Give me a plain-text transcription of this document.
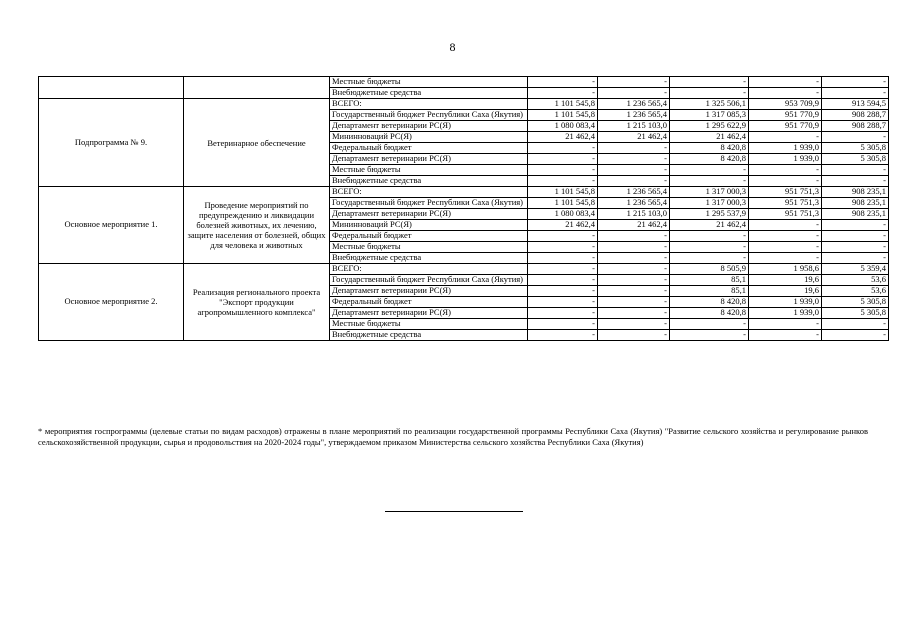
8
		Местные бюджеты	-	-	-	-	-
		Внебюджетные средства	-	-	-	-	-
Подпрограмма № 9.	Ветеринарное обеспечение	ВСЕГО:	1 101 545,8	1 236 565,4	1 325 506,1	953 709,9	913 594,5
		Государственный бюджет Республики Саха (Якутия)	1 101 545,8	1 236 565,4	1 317 085,3	951 770,9	908 288,7
		Департамент ветеринарии РС(Я)	1 080 083,4	1 215 103,0	1 295 622,9	951 770,9	908 288,7
		Мининноваций РС(Я)	21 462,4	21 462,4	21 462,4	-	-
		Федеральный бюджет	-	-	8 420,8	1 939,0	5 305,8
		Департамент ветеринарии РС(Я)	-	-	8 420,8	1 939,0	5 305,8
		Местные бюджеты	-	-	-	-	-
		Внебюджетные средства	-	-	-	-	-
Основное мероприятие 1.	Проведение мероприятий по предупреждению и ликвидации болезней животных, их лечению, защите населения от болезней, общих для человека и животных	ВСЕГО:	1 101 545,8	1 236 565,4	1 317 000,3	951 751,3	908 235,1
		Государственный бюджет Республики Саха (Якутия)	1 101 545,8	1 236 565,4	1 317 000,3	951 751,3	908 235,1
		Департамент ветеринарии РС(Я)	1 080 083,4	1 215 103,0	1 295 537,9	951 751,3	908 235,1
		Мининноваций РС(Я)	21 462,4	21 462,4	21 462,4	-	-
		Федеральный бюджет	-	-	-	-	-
		Местные бюджеты	-	-	-	-	-
		Внебюджетные средства	-	-	-	-	-
Основное мероприятие 2.	Реализация регионального проекта "Экспорт продукции агропромышленного комплекса"	ВСЕГО:	-	-	8 505,9	1 958,6	5 359,4
		Государственный бюджет Республики Саха (Якутия)	-	-	85,1	19,6	53,6
		Департамент ветеринарии РС(Я)	-	-	85,1	19,6	53,6
		Федеральный бюджет	-	-	8 420,8	1 939,0	5 305,8
		Департамент ветеринарии РС(Я)	-	-	8 420,8	1 939,0	5 305,8
		Местные бюджеты	-	-	-	-	-
		Внебюджетные средства	-	-	-	-	-
* мероприятия госпрограммы (целевые статьи по видам расходов) отражены в плане мероприятий по реализации государственной программы Республики Саха (Якутия) "Развитие сельского хозяйства и регулирование рынков сельскохозяйственной продукции, сырья и продовольствия на 2020-2024 годы", утверждаемом приказом Министерства сельского хозяйства Республики Саха (Якутия)
